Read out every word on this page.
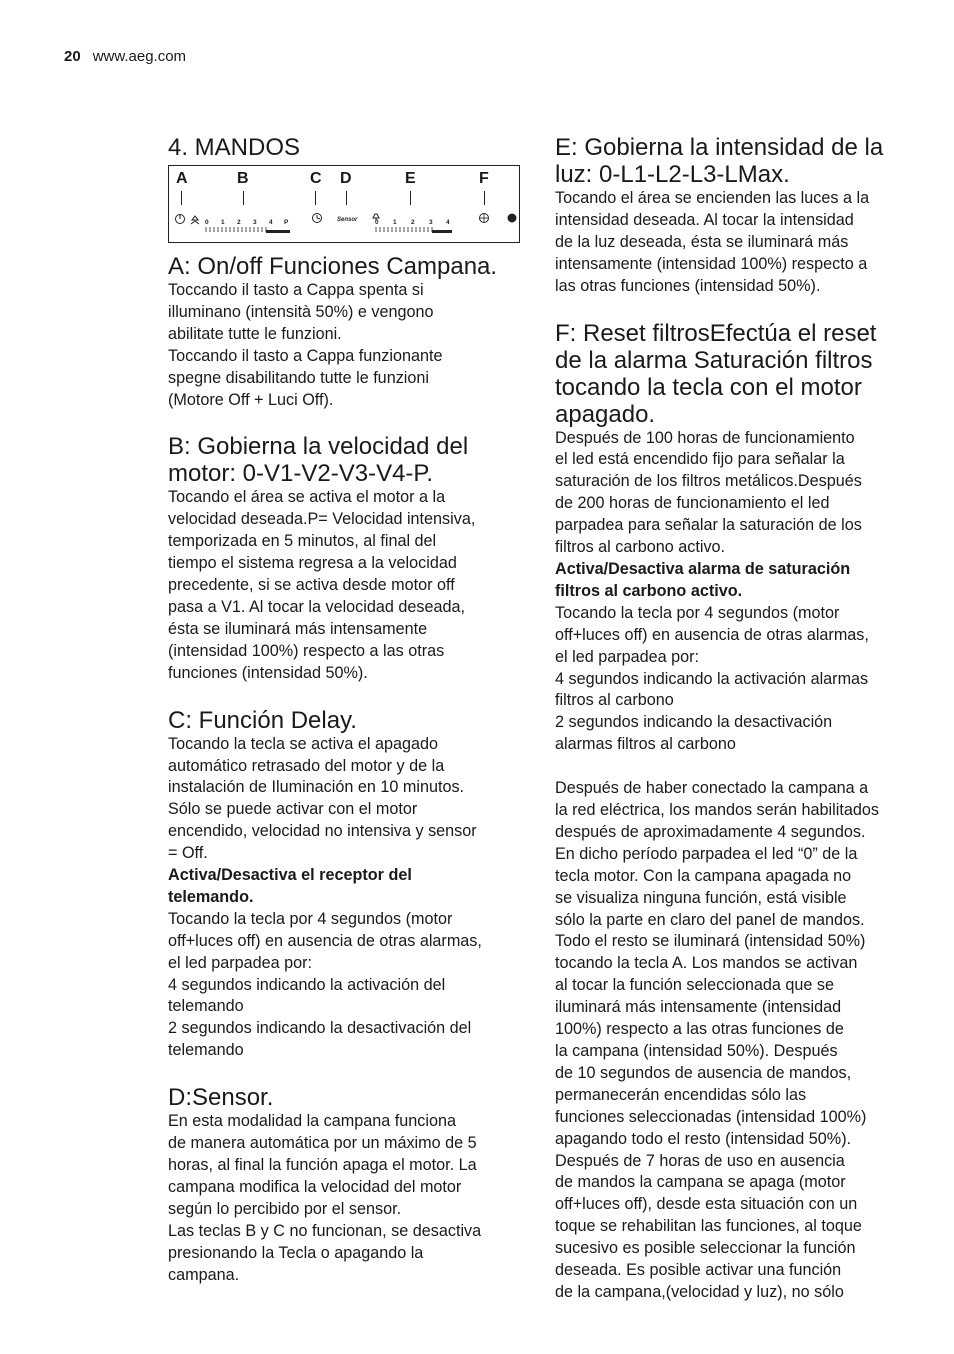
20 www.aeg.com
4. MANDOS
A	B	C D	E	F
0 1 2 3 4 P	Sensor	0 1 2 3 4
A: On/off Funciones Campana.

Toccando il tasto a Cappa spenta si

illuminano (intensità 50%) e vengono

abilitate tutte le funzioni.

Toccando il tasto a Cappa funzionante

spegne disabilitando tutte le funzioni

(Motore Off + Luci Off).

B: Gobierna la velocidad del
motor: 0-V1-V2-V3-V4-P.

Tocando el área se activa el motor a la

velocidad deseada.P= Velocidad intensiva,

temporizada en 5 minutos, al final del

tiempo el sistema regresa a la velocidad

precedente, si se activa desde motor off

pasa a V1. Al tocar la velocidad deseada,

ésta se iluminará más intensamente

(intensidad 100%) respecto a las otras

funciones (intensidad 50%).

C: Función Delay.

Tocando la tecla se activa el apagado

automático retrasado del motor y de la

instalación de Iluminación en 10 minutos.

Sólo se puede activar con el motor

encendido, velocidad no intensiva y sensor

= Off.

Activa/Desactiva el receptor del

telemando.

Tocando la tecla por 4 segundos (motor

off+luces off) en ausencia de otras alarmas,

el led parpadea por:

4 segundos indicando la activación del

telemando

2 segundos indicando la desactivación del

telemando

D:Sensor.

En esta modalidad la campana funciona

de manera automática por un máximo de 5

horas, al final la función apaga el motor. La

campana modifica la velocidad del motor

según lo percibido por el sensor.

Las teclas B y C no funcionan, se desactiva

presionando la Tecla o apagando la

campana.

E: Gobierna la intensidad de la
luz: 0-L1-L2-L3-LMax.

Tocando el área se encienden las luces a la

intensidad deseada. Al tocar la intensidad

de la luz deseada, ésta se iluminará más

intensamente (intensidad 100%) respecto a

las otras funciones (intensidad 50%).

F: Reset filtrosEfectúa el reset
de la alarma Saturación filtros
tocando la tecla con el motor
apagado.

Después de 100 horas de funcionamiento

el led está encendido fijo para señalar la

saturación de los filtros metálicos.Después

de 200 horas de funcionamiento el led

parpadea para señalar la saturación de los

filtros al carbono activo.

Activa/Desactiva alarma de saturación

filtros al carbono activo.

Tocando la tecla por 4 segundos (motor

off+luces off) en ausencia de otras alarmas,

el led parpadea por:

4 segundos indicando la activación alarmas

filtros al carbono

2 segundos indicando la desactivación

alarmas filtros al carbono

Después de haber conectado la campana a

la red eléctrica, los mandos serán habilitados

después de aproximadamente 4 segundos.

En dicho período parpadea el led “0” de la

tecla motor. Con la campana apagada no

se visualiza ninguna función, está visible

sólo la parte en claro del panel de mandos.

Todo el resto se iluminará (intensidad 50%)

tocando la tecla A. Los mandos se activan

al tocar la función seleccionada que se

iluminará más intensamente (intensidad

100%) respecto a las otras funciones de

la campana (intensidad 50%). Después

de 10 segundos de ausencia de mandos,

permanecerán encendidas sólo las

funciones seleccionadas (intensidad 100%)

apagando todo el resto (intensidad 50%).

Después de 7 horas de uso en ausencia

de mandos la campana se apaga (motor

off+luces off), desde esta situación con un

toque se rehabilitan las funciones, al toque

sucesivo es posible seleccionar la función

deseada. Es posible activar una función

de la campana,(velocidad y luz), no sólo
